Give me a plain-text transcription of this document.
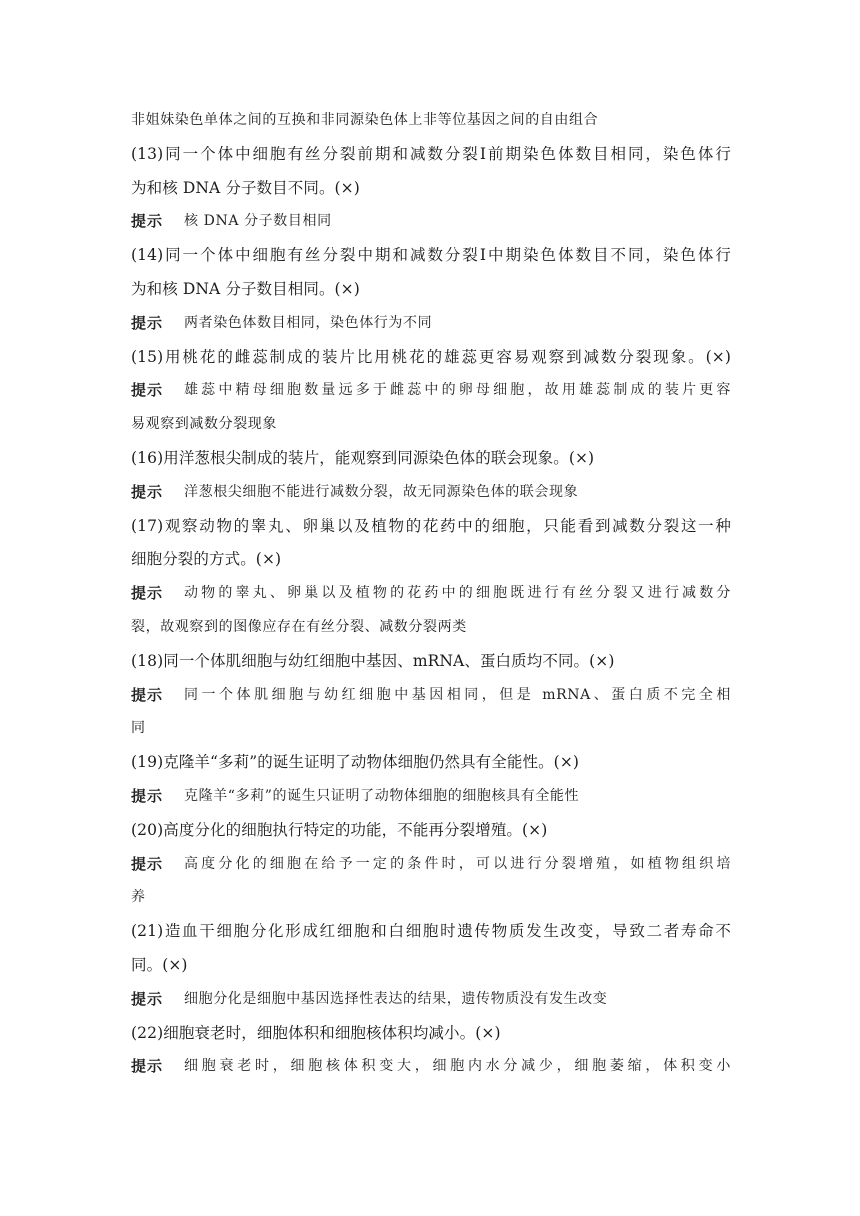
非姐妹染色单体之间的互换和非同源染色体上非等位基因之间的自由组合
(13)同一个体中细胞有丝分裂前期和减数分裂Ⅰ前期染色体数目相同，染色体行
为和核 DNA 分子数目不同。(×)
提示	核 DNA 分子数目相同
(14)同一个体中细胞有丝分裂中期和减数分裂Ⅰ中期染色体数目不同，染色体行
为和核 DNA 分子数目相同。(×)
提示	两者染色体数目相同，染色体行为不同
(15)用桃花的雌蕊制成的装片比用桃花的雄蕊更容易观察到减数分裂现象。(×)
提示	雄蕊中精母细胞数量远多于雌蕊中的卵母细胞，故用雄蕊制成的装片更容
易观察到减数分裂现象
(16)用洋葱根尖制成的装片，能观察到同源染色体的联会现象。(×)
提示	洋葱根尖细胞不能进行减数分裂，故无同源染色体的联会现象
(17)观察动物的睾丸、卵巢以及植物的花药中的细胞，只能看到减数分裂这一种
细胞分裂的方式。(×)
提示	动物的睾丸、卵巢以及植物的花药中的细胞既进行有丝分裂又进行减数分
裂，故观察到的图像应存在有丝分裂、减数分裂两类
(18)同一个体肌细胞与幼红细胞中基因、mRNA、蛋白质均不同。(×)
提示	同一个体肌细胞与幼红细胞中基因相同，但是 mRNA、蛋白质不完全相
同
(19)克隆羊“多莉”的诞生证明了动物体细胞仍然具有全能性。(×)
提示	克隆羊“多莉”的诞生只证明了动物体细胞的细胞核具有全能性
(20)高度分化的细胞执行特定的功能，不能再分裂增殖。(×)
提示	高度分化的细胞在给予一定的条件时，可以进行分裂增殖，如植物组织培
养
(21)造血干细胞分化形成红细胞和白细胞时遗传物质发生改变，导致二者寿命不
同。(×)
提示	细胞分化是细胞中基因选择性表达的结果，遗传物质没有发生改变
(22)细胞衰老时，细胞体积和细胞核体积均减小。(×)
提示	细胞衰老时，细胞核体积变大，细胞内水分减少，细胞萎缩，体积变小
